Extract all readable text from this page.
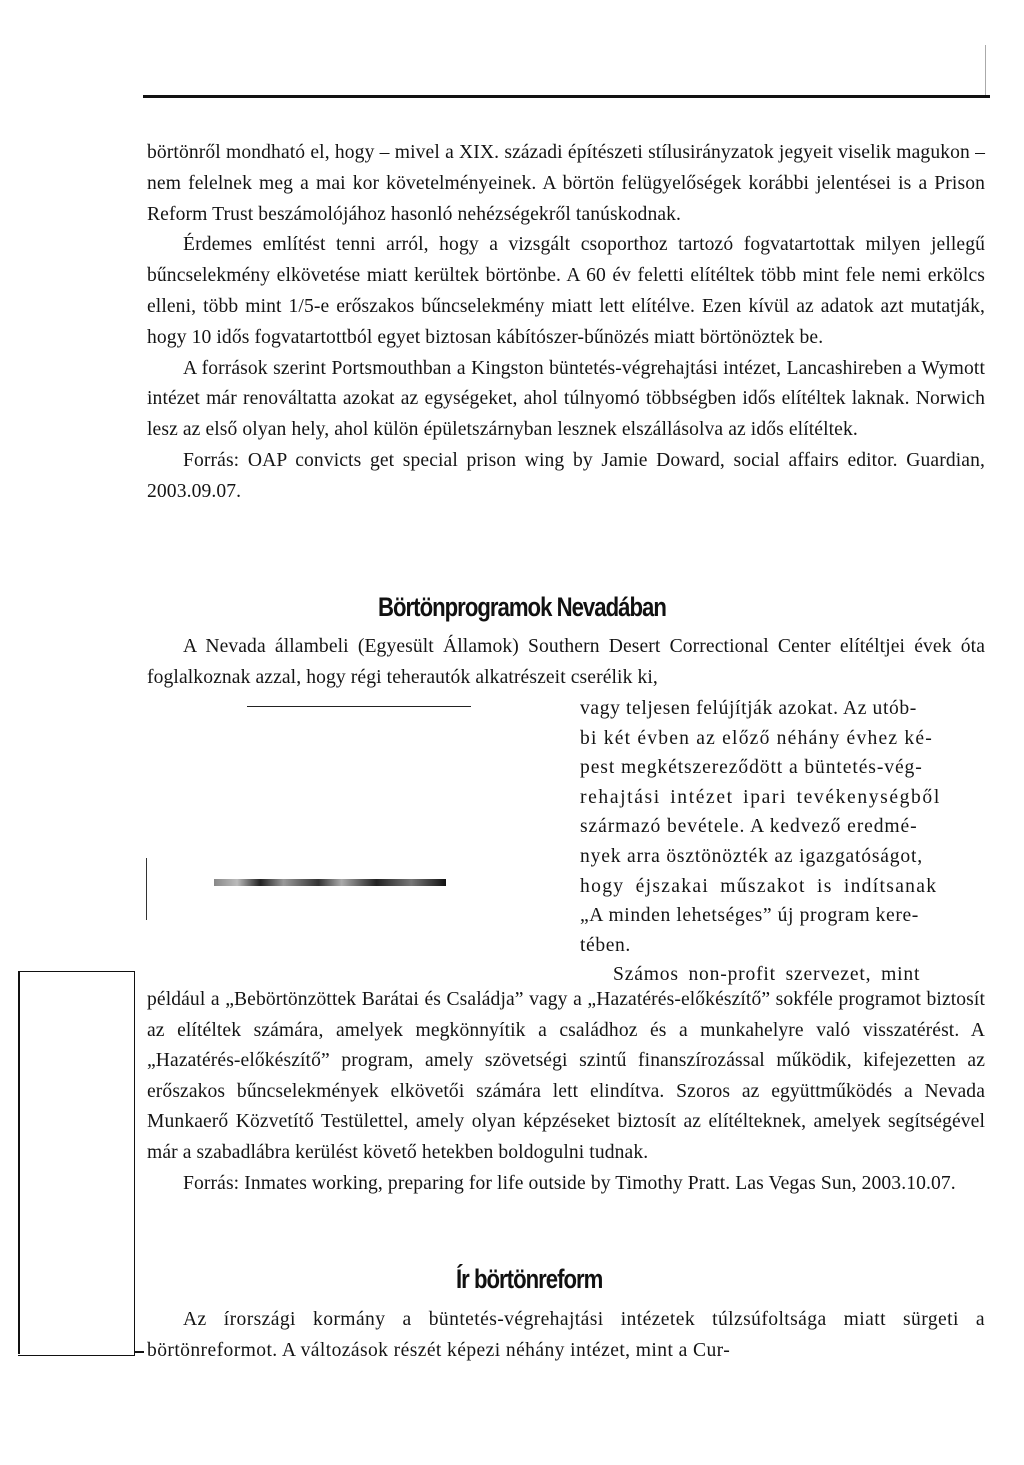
börtönről mondható el, hogy – mivel a XIX. századi építészeti stílusirányzatok jegyeit viselik magukon – nem felelnek meg a mai kor követelményeinek. A börtön felügyelőségek korábbi jelentései is a Prison Reform Trust beszámolójához hasonló nehézségekről tanúskodnak.

Érdemes említést tenni arról, hogy a vizsgált csoporthoz tartozó fogvatartottak milyen jellegű bűncselekmény elkövetése miatt kerültek börtönbe. A 60 év feletti elítéltek több mint fele nemi erkölcs elleni, több mint 1/5-e erőszakos bűncselekmény miatt lett elítélve. Ezen kívül az adatok azt mutatják, hogy 10 idős fogvatartottból egyet biztosan kábítószer-bűnözés miatt börtönöztek be.

A források szerint Portsmouthban a Kingston büntetés-végrehajtási intézet, Lancashireben a Wymott intézet már renováltatta azokat az egységeket, ahol túlnyomó többségben idős elítéltek laknak. Norwich lesz az első olyan hely, ahol külön épületszárnyban lesznek elszállásolva az idős elítéltek.

Forrás: OAP convicts get special prison wing by Jamie Doward, social affairs editor. Guardian, 2003.09.07.

Börtönprogramok Nevadában

A Nevada állambeli (Egyesült Államok) Southern Desert Correctional Center elítéltjei évek óta foglalkoznak azzal, hogy régi teherautók alkatrészeit cserélik ki,

vagy teljesen felújítják azokat. Az utób-
bi két évben az előző néhány évhez ké-
pest megkétszereződött a büntetés-vég-
rehajtási intézet ipari tevékenységből
származó bevétele. A kedvező eredmé-
nyek arra ösztönözték az igazgatóságot,
hogy éjszakai műszakot is indítsanak
„A minden lehetséges” új program kere-
tében.
Számos non-profit szervezet, mint

például a „Bebörtönzöttek Barátai és Családja” vagy a „Hazatérés-előkészítő” sokféle programot biztosít az elítéltek számára, amelyek megkönnyítik a családhoz és a munkahelyre való visszatérést. A „Hazatérés-előkészítő” program, amely szövetségi szintű finanszírozással működik, kifejezetten az erőszakos bűncselekmények elkövetői számára lett elindítva. Szoros az együttműködés a Nevada Munkaerő Közvetítő Testülettel, amely olyan képzéseket biztosít az elítélteknek, amelyek segítségével már a szabadlábra kerülést követő hetekben boldogulni tudnak.

Forrás: Inmates working, preparing for life outside by Timothy Pratt. Las Vegas Sun, 2003.10.07.

Ír börtönreform

Az írországi kormány a büntetés-végrehajtási intézetek túlzsúfoltsága miatt sürgeti a börtönreformot. A változások részét képezi néhány intézet, mint a Cur-
